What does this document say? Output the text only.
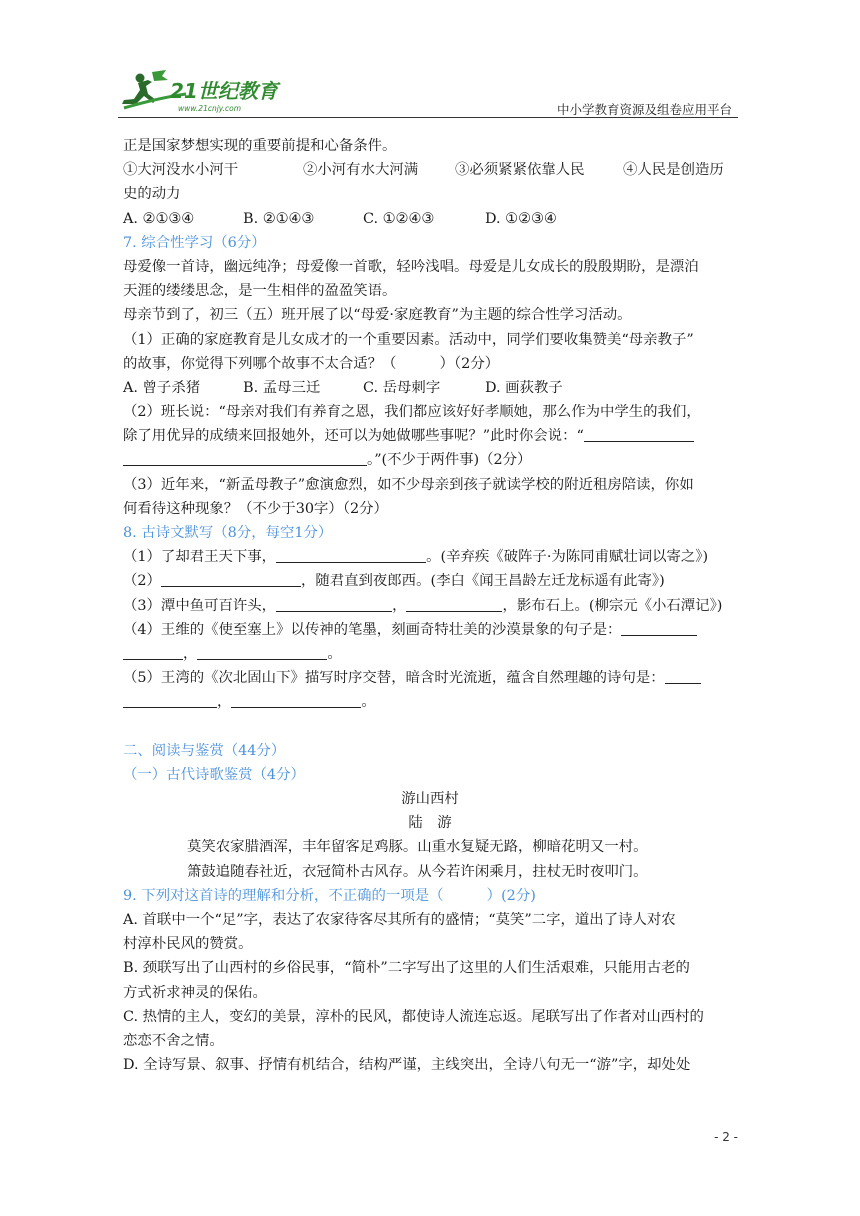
21世纪教育
www.21cnjy.com	中小学教育资源及组卷应用平台
正是国家梦想实现的重要前提和心备条件。
①大河没水小河干	②小河有水大河满	③必须紧紧依靠人民	④人民是创造历
史的动力
A. ②①③④	B. ②①④③	C. ①②④③	D. ①②③④
7. 综合性学习（6分）
母爱像一首诗，幽远纯净；母爱像一首歌，轻吟浅唱。母爱是儿女成长的殷殷期盼，是漂泊
天涯的缕缕思念，是一生相伴的盈盈笑语。
母亲节到了，初三（五）班开展了以“母爱·家庭教育”为主题的综合性学习活动。
（1）正确的家庭教育是儿女成才的一个重要因素。活动中，同学们要收集赞美“母亲教子”
的故事，你觉得下列哪个故事不太合适？（　　　）（2分）
A. 曾子杀猪	B. 孟母三迁	C. 岳母刺字	D. 画荻教子
（2）班长说：“母亲对我们有养育之恩，我们都应该好好孝顺她，那么作为中学生的我们，
除了用优异的成绩来回报她外，还可以为她做哪些事呢？”此时你会说：“
。”(不少于两件事)（2分）
（3）近年来，“新孟母教子”愈演愈烈，如不少母亲到孩子就读学校的附近租房陪读，你如
何看待这种现象？（不少于30字）（2分）
8. 古诗文默写（8分，每空1分）
（1）了却君王天下事，	。(辛弃疾《破阵子·为陈同甫赋壮词以寄之》)
（2）	，随君直到夜郎西。(李白《闻王昌龄左迁龙标遥有此寄》)
（3）潭中鱼可百许头，	，	，影布石上。(柳宗元《小石潭记》)
（4）王维的《使至塞上》以传神的笔墨，刻画奇特壮美的沙漠景象的句子是：
，	。
（5）王湾的《次北固山下》描写时序交替，暗含时光流逝，蕴含自然理趣的诗句是：
，	。
二、阅读与鉴赏（44分）
（一）古代诗歌鉴赏（4分）
游山西村
陆　游
莫笑农家腊酒浑，丰年留客足鸡豚。山重水复疑无路，柳暗花明又一村。
箫鼓追随春社近，衣冠简朴古风存。从今若许闲乘月，拄杖无时夜叩门。
9. 下列对这首诗的理解和分析，不正确的一项是（　　　）(2分)
A. 首联中一个“足”字，表达了农家待客尽其所有的盛情；“莫笑”二字，道出了诗人对农
村淳朴民风的赞赏。
B. 颈联写出了山西村的乡俗民事，“简朴”二字写出了这里的人们生活艰难，只能用古老的
方式祈求神灵的保佑。
C. 热情的主人，变幻的美景，淳朴的民风，都使诗人流连忘返。尾联写出了作者对山西村的
恋恋不舍之情。
D. 全诗写景、叙事、抒情有机结合，结构严谨，主线突出，全诗八句无一“游”字，却处处
- 2 -
